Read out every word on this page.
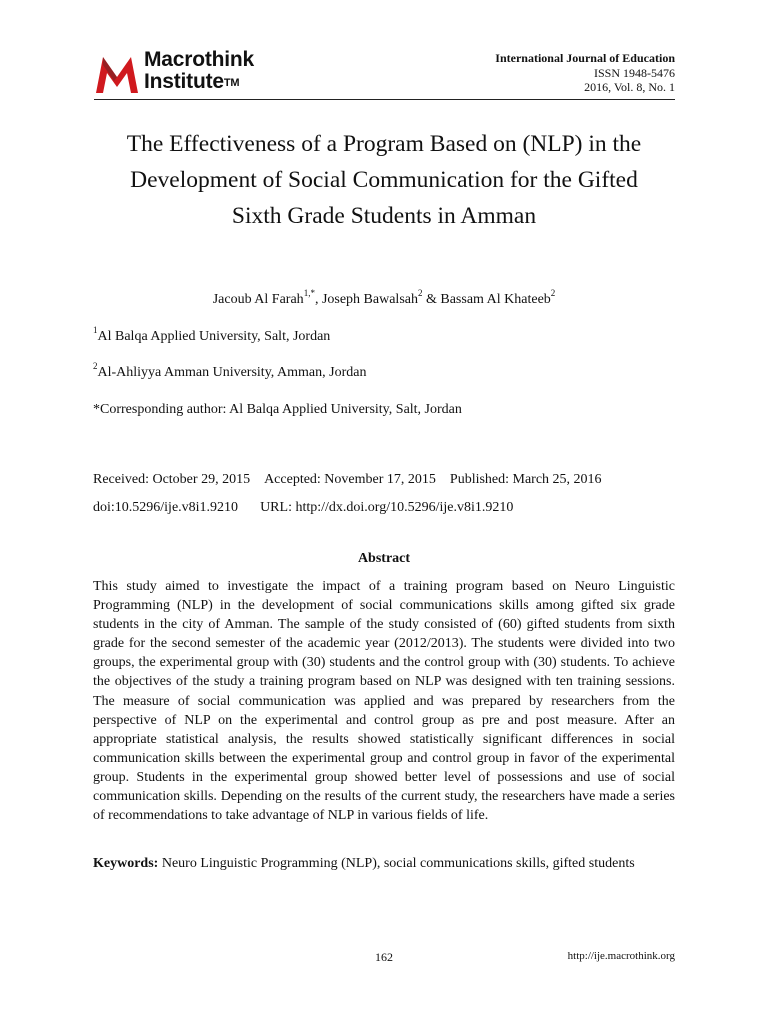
Macrothink
Institute™
International Journal of Education
ISSN 1948-5476
2016, Vol. 8, No. 1
The Effectiveness of a Program Based on (NLP) in the
Development of Social Communication for the Gifted
Sixth Grade Students in Amman
Jacoub Al Farah$^{1,*}$, Joseph Bawalsah$^2$ & Bassam Al Khateeb$^2$
$^1$Al Balqa Applied University, Salt, Jordan
$^2$Al-Ahliyya Amman University, Amman, Jordan
*Corresponding author: Al Balqa Applied University, Salt, Jordan
Received: October 29, 2015 Accepted: November 17, 2015 Published: March 25, 2016
doi:10.5296/ije.v8i1.9210 URL: http://dx.doi.org/10.5296/ije.v8i1.9210
Abstract

This study aimed to investigate the impact of a training program based on Neuro Linguistic Programming (NLP) in the development of social communications skills among gifted six grade students in the city of Amman. The sample of the study consisted of (60) gifted students from sixth grade for the second semester of the academic year (2012/2013). The students were divided into two groups, the experimental group with (30) students and the control group with (30) students. To achieve the objectives of the study a training program based on NLP was designed with ten training sessions. The measure of social communication was applied and was prepared by researchers from the perspective of NLP on the experimental and control group as pre and post measure. After an appropriate statistical analysis, the results showed statistically significant differences in social communication skills between the experimental group and control group in favor of the experimental group. Students in the experimental group showed better level of possessions and use of social communication skills. Depending on the results of the current study, the researchers have made a series of recommendations to take advantage of NLP in various fields of life.

Keywords: Neuro Linguistic Programming (NLP), social communications skills, gifted students

162	http://ije.macrothink.org
